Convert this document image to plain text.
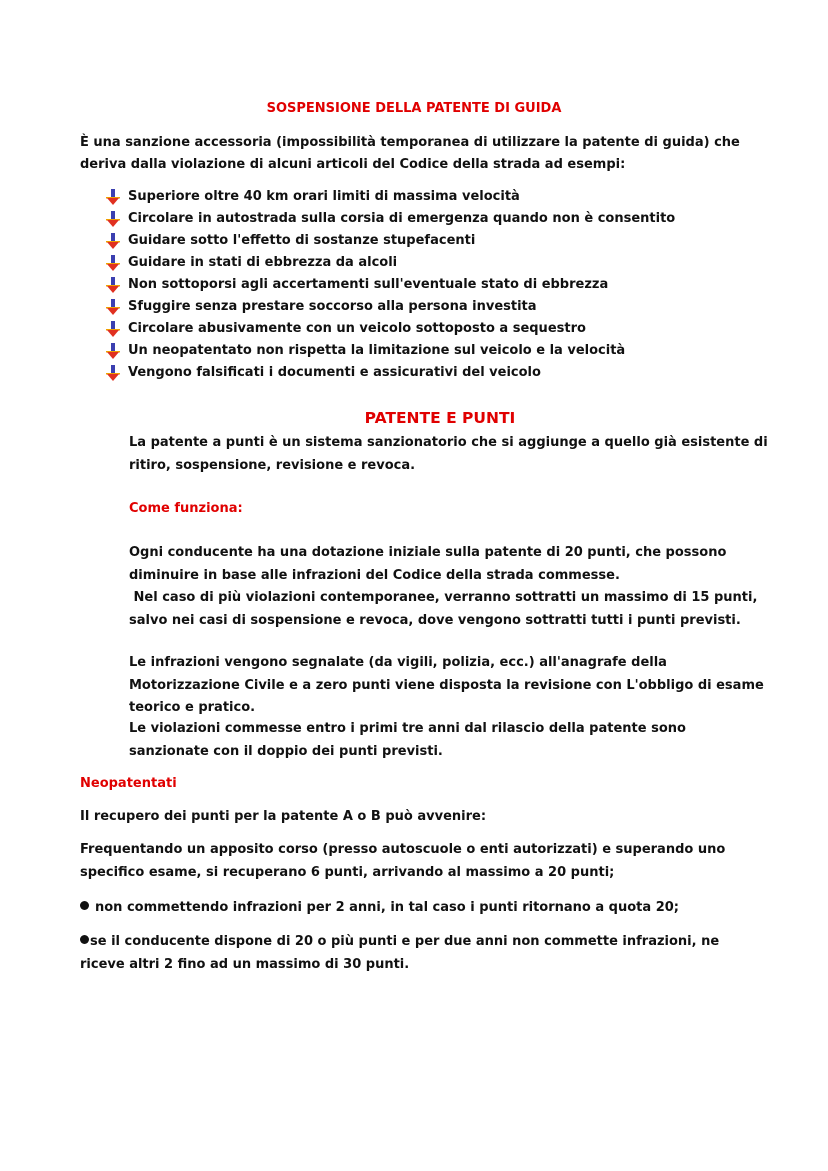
SOSPENSIONE DELLA PATENTE DI GUIDA
È una sanzione accessoria (impossibilità temporanea di utilizzare la patente di guida) che deriva dalla violazione di alcuni articoli del Codice della strada ad esempi:
Superiore oltre 40 km orari limiti di massima velocità
Circolare in autostrada sulla corsia di emergenza quando non è consentito
Guidare sotto l'effetto di sostanze stupefacenti
Guidare in stati di ebbrezza da alcoli
Non sottoporsi agli accertamenti sull'eventuale stato di ebbrezza
Sfuggire senza prestare soccorso alla persona investita
Circolare abusivamente con un veicolo sottoposto a sequestro
Un neopatentato non rispetta la limitazione sul veicolo e la velocità
Vengono falsificati i documenti e assicurativi del veicolo
PATENTE E PUNTI
La patente a punti è un sistema sanzionatorio che si aggiunge a quello già esistente di ritiro, sospensione, revisione e revoca.
Come funziona:
Ogni conducente ha una dotazione iniziale sulla patente di 20 punti, che possono diminuire in base alle infrazioni del Codice della strada commesse.
Nel caso di più violazioni contemporanee, verranno sottratti un massimo di 15 punti, salvo nei casi di sospensione e revoca, dove vengono sottratti tutti i punti previsti.
Le infrazioni vengono segnalate (da vigili, polizia, ecc.) all'anagrafe della Motorizzazione Civile e a zero punti viene disposta la revisione con L'obbligo di esame teorico e pratico.
Le violazioni commesse entro i primi tre anni dal rilascio della patente sono sanzionate con il doppio dei punti previsti.
Neopatentati
Il recupero dei punti per la patente A o B può avvenire:
Frequentando un apposito corso (presso autoscuole o enti autorizzati) e superando uno specifico esame, si recuperano 6 punti, arrivando al massimo a 20 punti;
non commettendo infrazioni per 2 anni, in tal caso i punti ritornano a quota 20;
se il conducente dispone di 20 o più punti e per due anni non commette infrazioni, ne riceve altri 2 fino ad un massimo di 30 punti.
